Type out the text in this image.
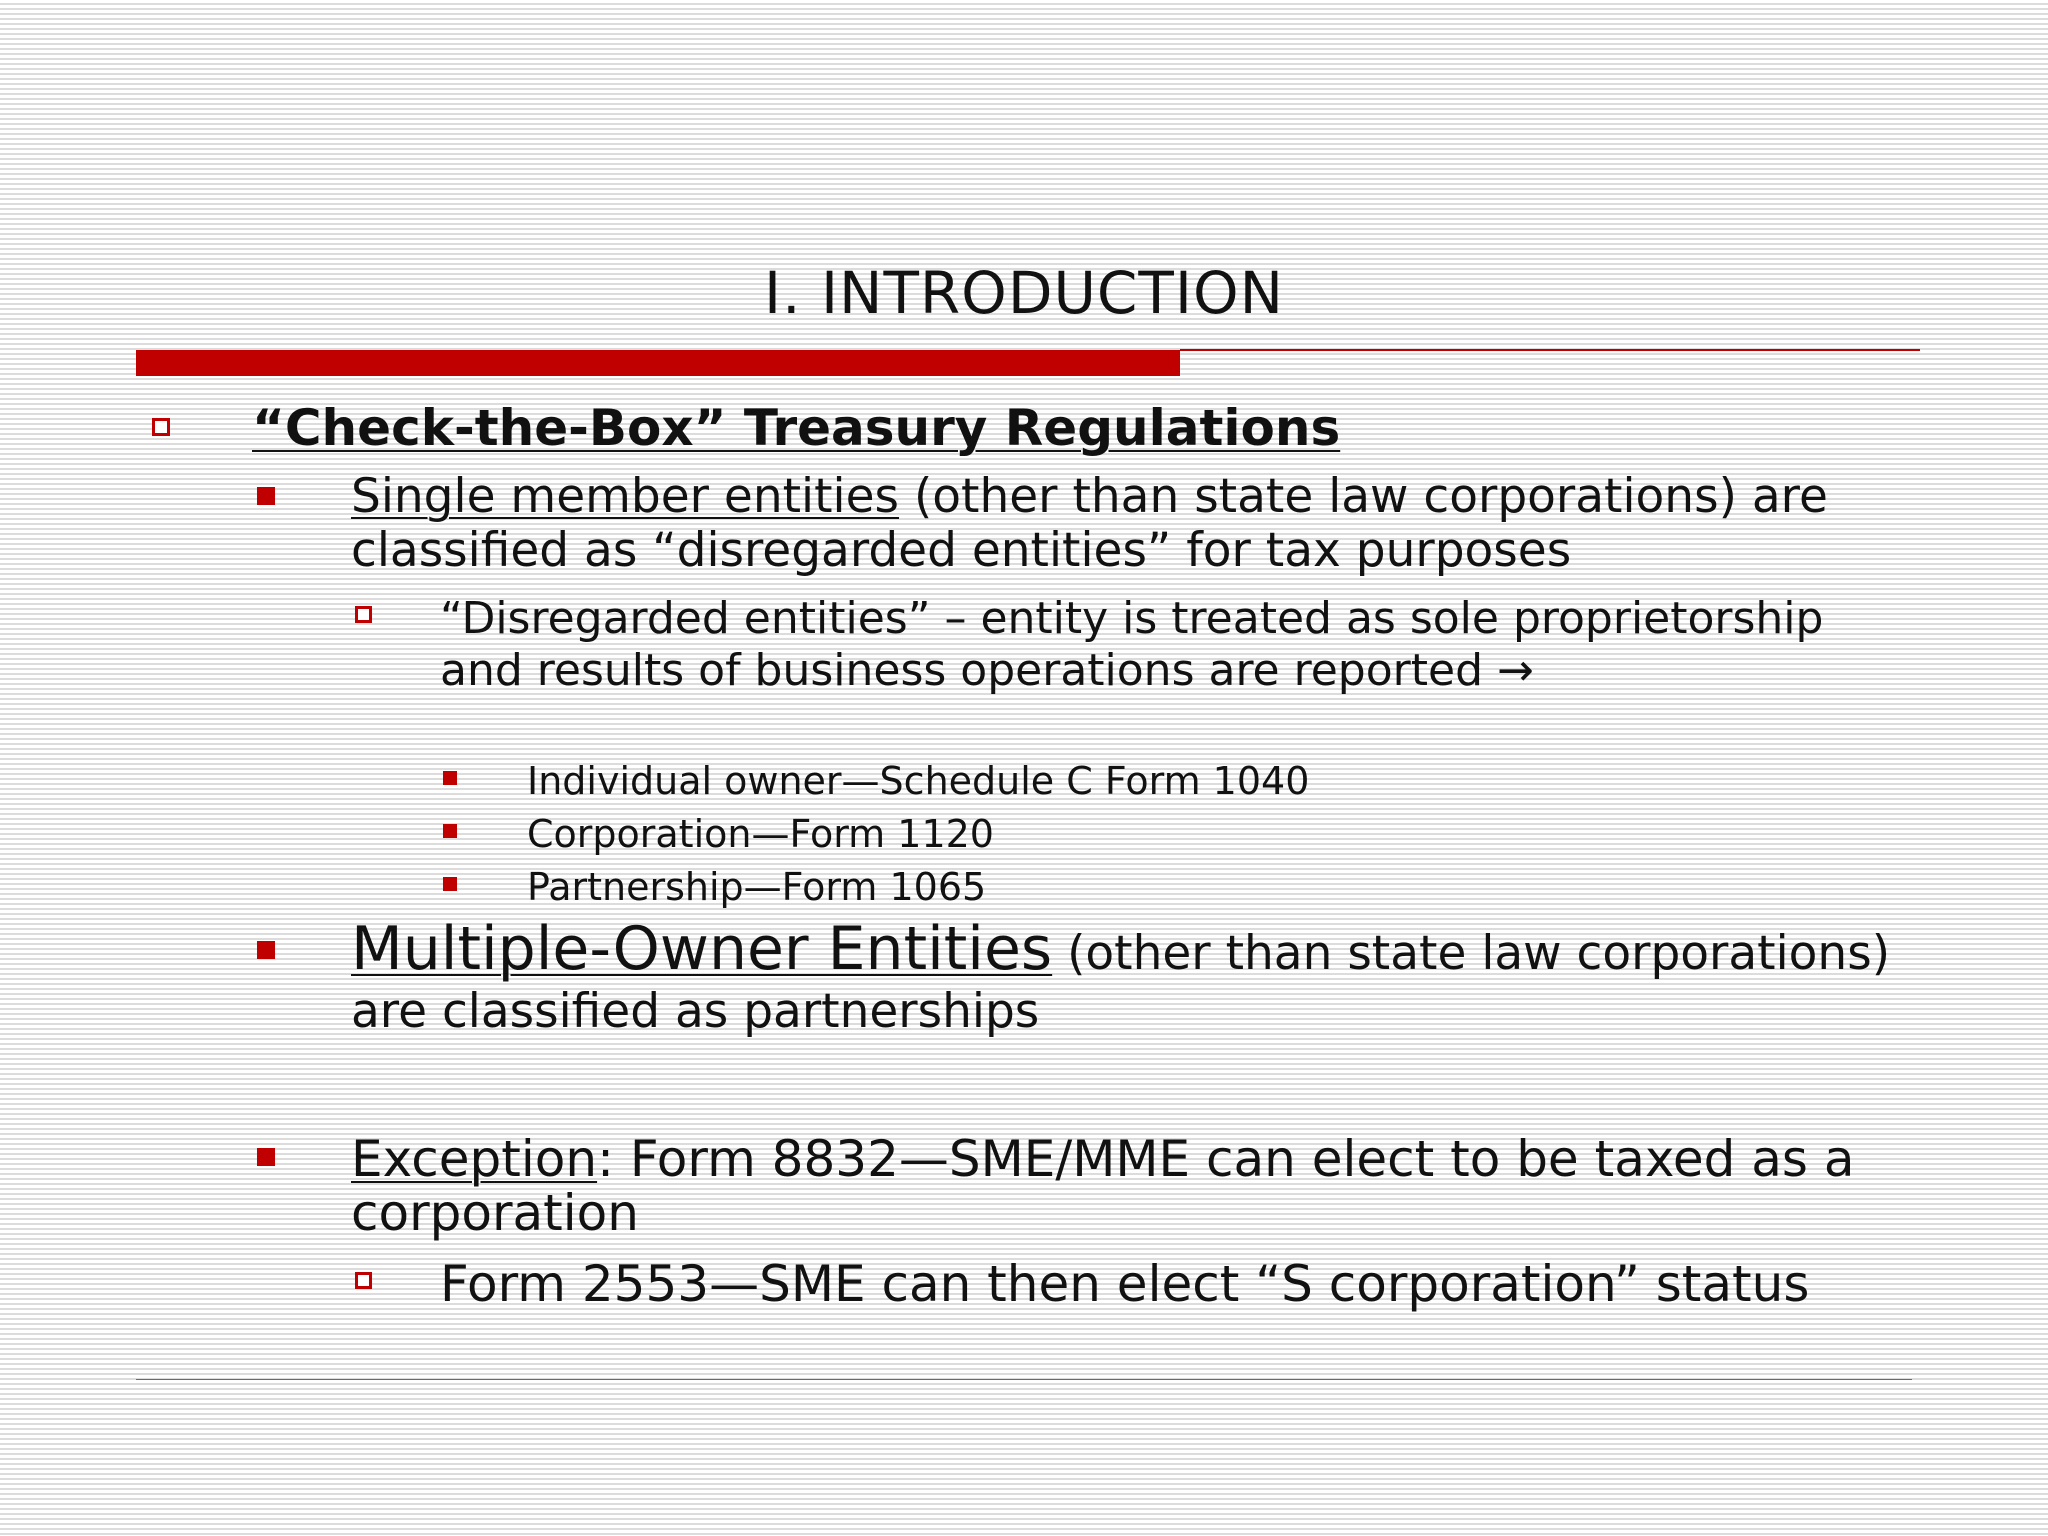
I. INTRODUCTION
“Check-the-Box” Treasury Regulations
Single member entities (other than state law corporations) are classified as “disregarded entities” for tax purposes
“Disregarded entities” – entity is treated as sole proprietorship and results of business operations are reported →
Individual owner—Schedule C Form 1040
Corporation—Form 1120
Partnership—Form 1065
Multiple-Owner Entities (other than state law corporations) are classified as partnerships
Exception: Form 8832—SME/MME can elect to be taxed as a corporation
Form 2553—SME can then elect “S corporation” status
